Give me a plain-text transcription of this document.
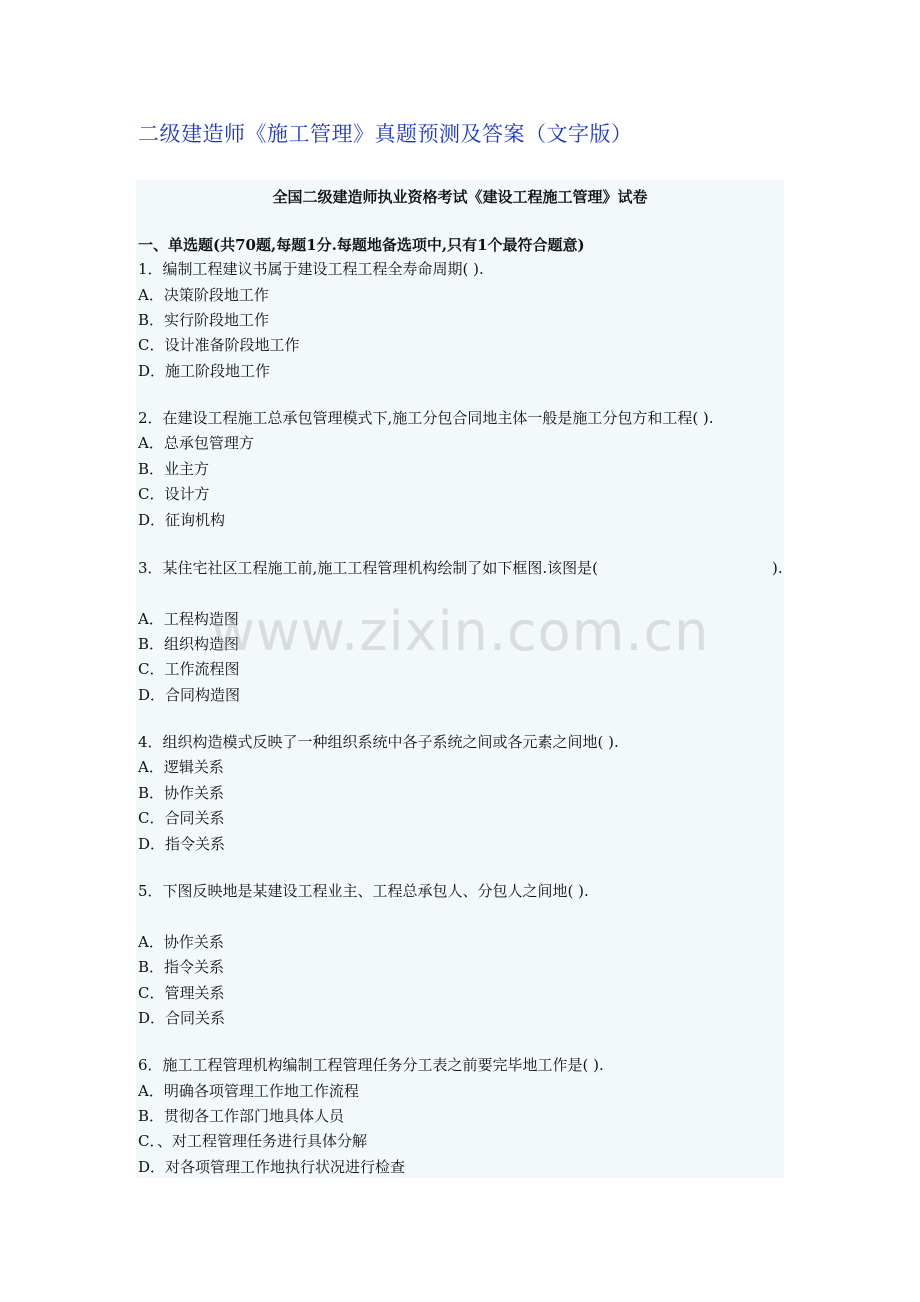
二级建造师《施工管理》真题预测及答案（文字版）
全国二级建造师执业资格考试《建设工程施工管理》试卷
一、单选题(共70题,每题1分.每题地备选项中,只有1个最符合题意)
1．编制工程建议书属于建设工程工程全寿命周期( ).
A．决策阶段地工作
B．实行阶段地工作
C．设计准备阶段地工作
D．施工阶段地工作
2．在建设工程施工总承包管理模式下,施工分包合同地主体一般是施工分包方和工程( ).
A．总承包管理方
B．业主方
C．设计方
D．征询机构
3．某住宅社区工程施工前,施工工程管理机构绘制了如下框图.该图是(	).
A．工程构造图
B．组织构造图
C．工作流程图
D．合同构造图
4．组织构造模式反映了一种组织系统中各子系统之间或各元素之间地( ).
A．逻辑关系
B．协作关系
C．合同关系
D．指令关系
5．下图反映地是某建设工程业主、工程总承包人、分包人之间地( ).
A．协作关系
B．指令关系
C．管理关系
D．合同关系
6．施工工程管理机构编制工程管理任务分工表之前要完毕地工作是( ).
A．明确各项管理工作地工作流程
B．贯彻各工作部门地具体人员
C．、对工程管理任务进行具体分解
D．对各项管理工作地执行状况进行检查
www.zixin.com.cn
